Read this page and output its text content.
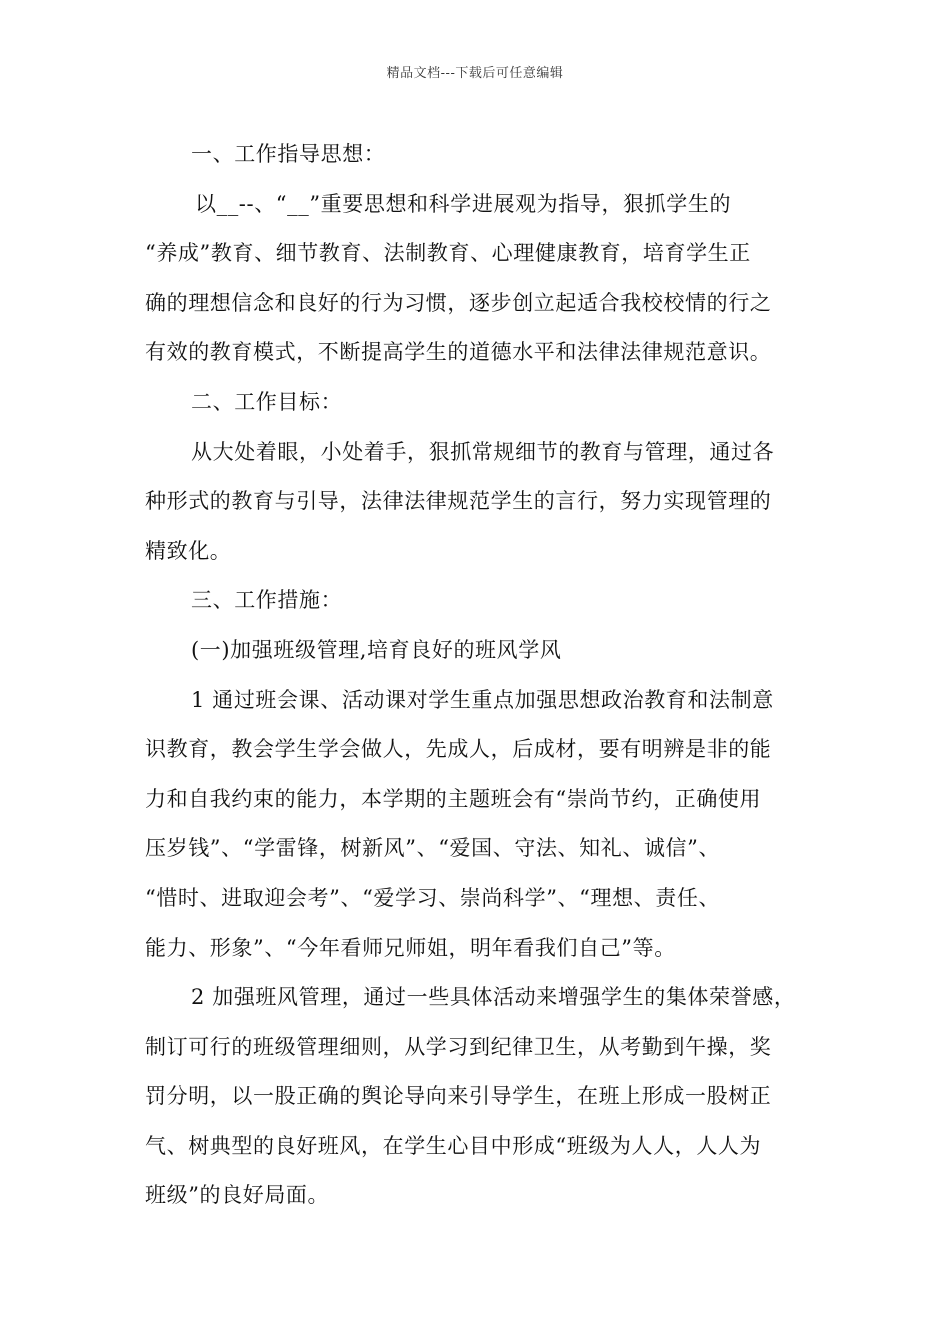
精品文档---下载后可任意编辑
一、工作指导思想：
以__--、“__”重要思想和科学进展观为指导，狠抓学生的
“养成”教育、细节教育、法制教育、心理健康教育，培育学生正
确的理想信念和良好的行为习惯，逐步创立起适合我校校情的行之
有效的教育模式，不断提高学生的道德水平和法律法律规范意识。
二、工作目标：
从大处着眼，小处着手，狠抓常规细节的教育与管理，通过各
种形式的教育与引导，法律法律规范学生的言行，努力实现管理的
精致化。
三、工作措施：
(一)加强班级管理,培育良好的班风学风
1 通过班会课、活动课对学生重点加强思想政治教育和法制意
识教育，教会学生学会做人，先成人，后成材，要有明辨是非的能
力和自我约束的能力，本学期的主题班会有“崇尚节约，正确使用
压岁钱”、“学雷锋，树新风”、“爱国、守法、知礼、诚信”、
“惜时、进取迎会考”、“爱学习、崇尚科学”、“理想、责任、
能力、形象”、“今年看师兄师姐，明年看我们自己”等。
2 加强班风管理，通过一些具体活动来增强学生的集体荣誉感，
制订可行的班级管理细则，从学习到纪律卫生，从考勤到午操，奖
罚分明，以一股正确的舆论导向来引导学生，在班上形成一股树正
气、树典型的良好班风，在学生心目中形成“班级为人人，人人为
班级”的良好局面。
